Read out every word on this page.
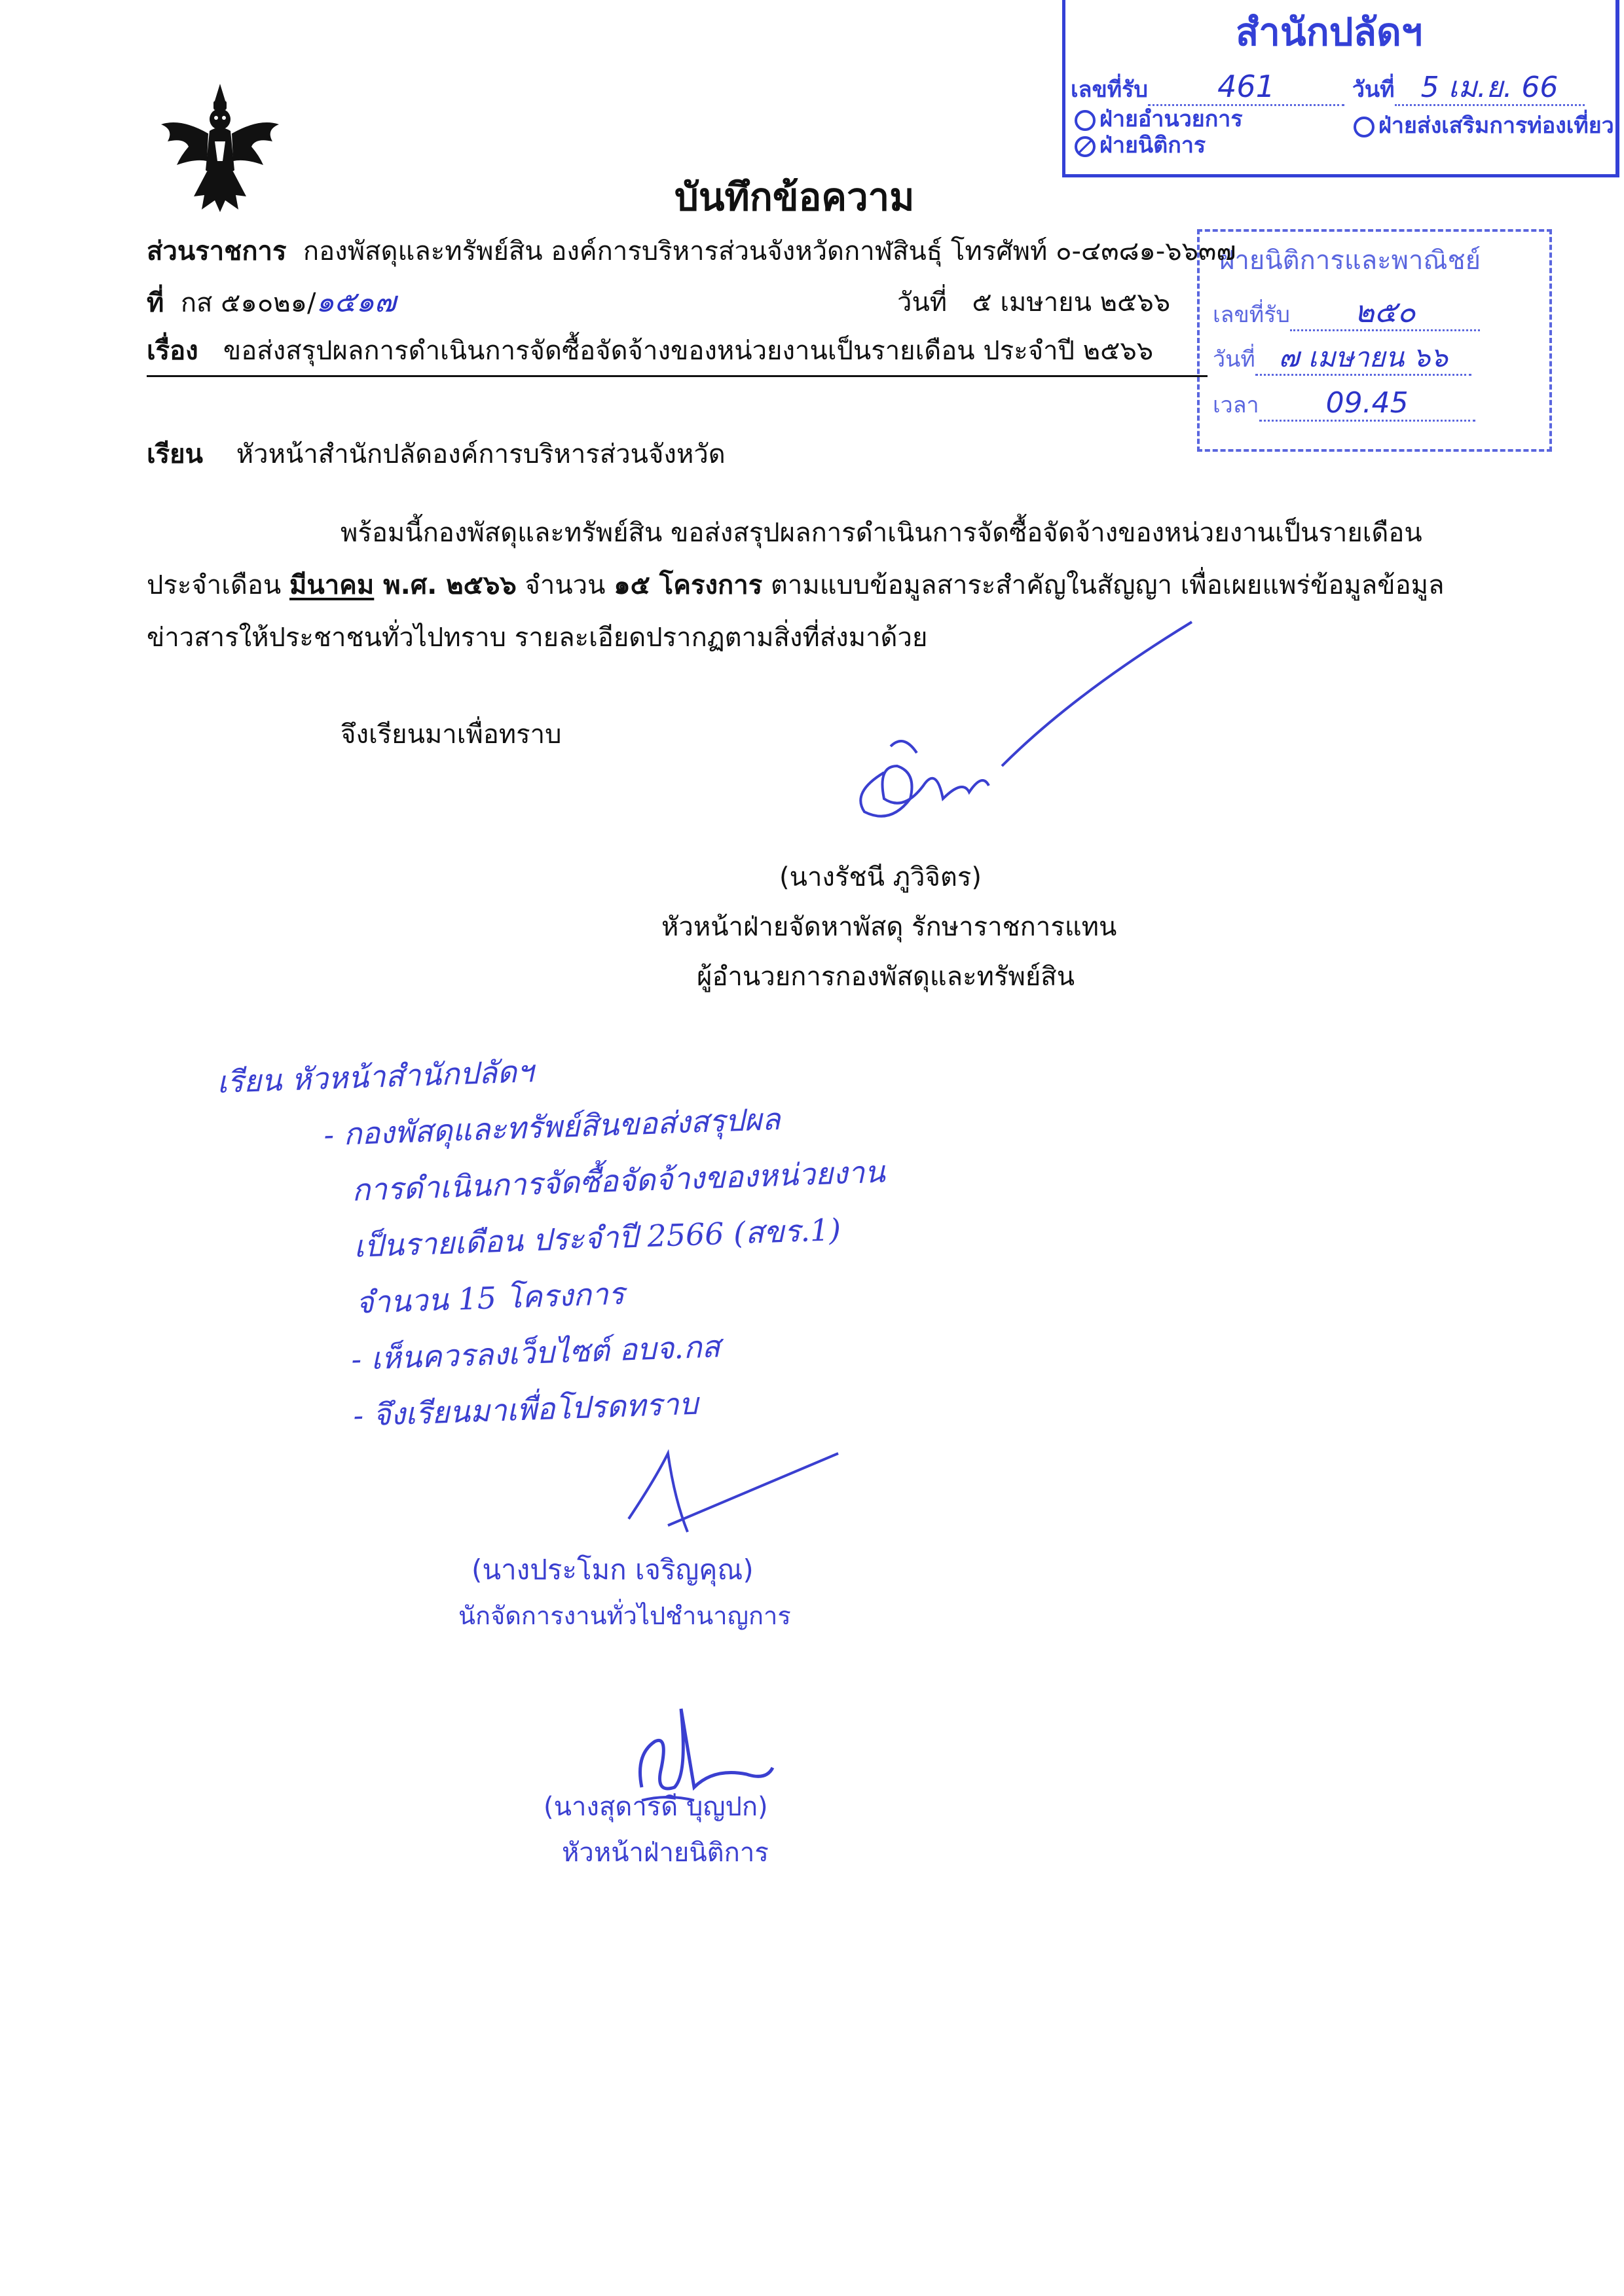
สำนักปลัดฯ
เลขที่รับ 461	วันที่ 5 เม.ย. 66
ฝ่ายอำนวยการ
ฝ่ายนิติการ
ฝ่ายส่งเสริมการท่องเที่ยว
ฝ่ายนิติการและพาณิชย์
เลขที่รับ ๒๕๐
วันที่ ๗ เมษายน ๖๖
เวลา 09.45
บันทึกข้อความ
ส่วนราชการ กองพัสดุและทรัพย์สิน องค์การบริหารส่วนจังหวัดกาฬสินธุ์ โทรศัพท์ ๐-๔๓๘๑-๖๖๓๗
ที่ กส ๕๑๐๒๑/๑๕๑๗	วันที่ ๕ เมษายน ๒๕๖๖
เรื่อง ขอส่งสรุปผลการดำเนินการจัดซื้อจัดจ้างของหน่วยงานเป็นรายเดือน ประจำปี ๒๕๖๖
เรียน หัวหน้าสำนักปลัดองค์การบริหารส่วนจังหวัด
พร้อมนี้กองพัสดุและทรัพย์สิน ขอส่งสรุปผลการดำเนินการจัดซื้อจัดจ้างของหน่วยงานเป็นรายเดือน
ประจำเดือน มีนาคม พ.ศ. ๒๕๖๖ จำนวน ๑๕ โครงการ ตามแบบข้อมูลสาระสำคัญในสัญญา เพื่อเผยแพร่ข้อมูลข้อมูล
ข่าวสารให้ประชาชนทั่วไปทราบ รายละเอียดปรากฏตามสิ่งที่ส่งมาด้วย
จึงเรียนมาเพื่อทราบ
(นางรัชนี ภูวิจิตร)
หัวหน้าฝ่ายจัดหาพัสดุ รักษาราชการแทน
ผู้อำนวยการกองพัสดุและทรัพย์สิน
เรียน หัวหน้าสำนักปลัดฯ
- กองพัสดุและทรัพย์สินขอส่งสรุปผล
การดำเนินการจัดซื้อจัดจ้างของหน่วยงาน
เป็นรายเดือน ประจำปี 2566 (สขร.1)
จำนวน 15 โครงการ
- เห็นควรลงเว็บไซต์ อบจ.กส
- จึงเรียนมาเพื่อโปรดทราบ
(นางประโมก เจริญคุณ)
นักจัดการงานทั่วไปชำนาญการ
(นางสุดารดี บุญปก)
หัวหน้าฝ่ายนิติการ
